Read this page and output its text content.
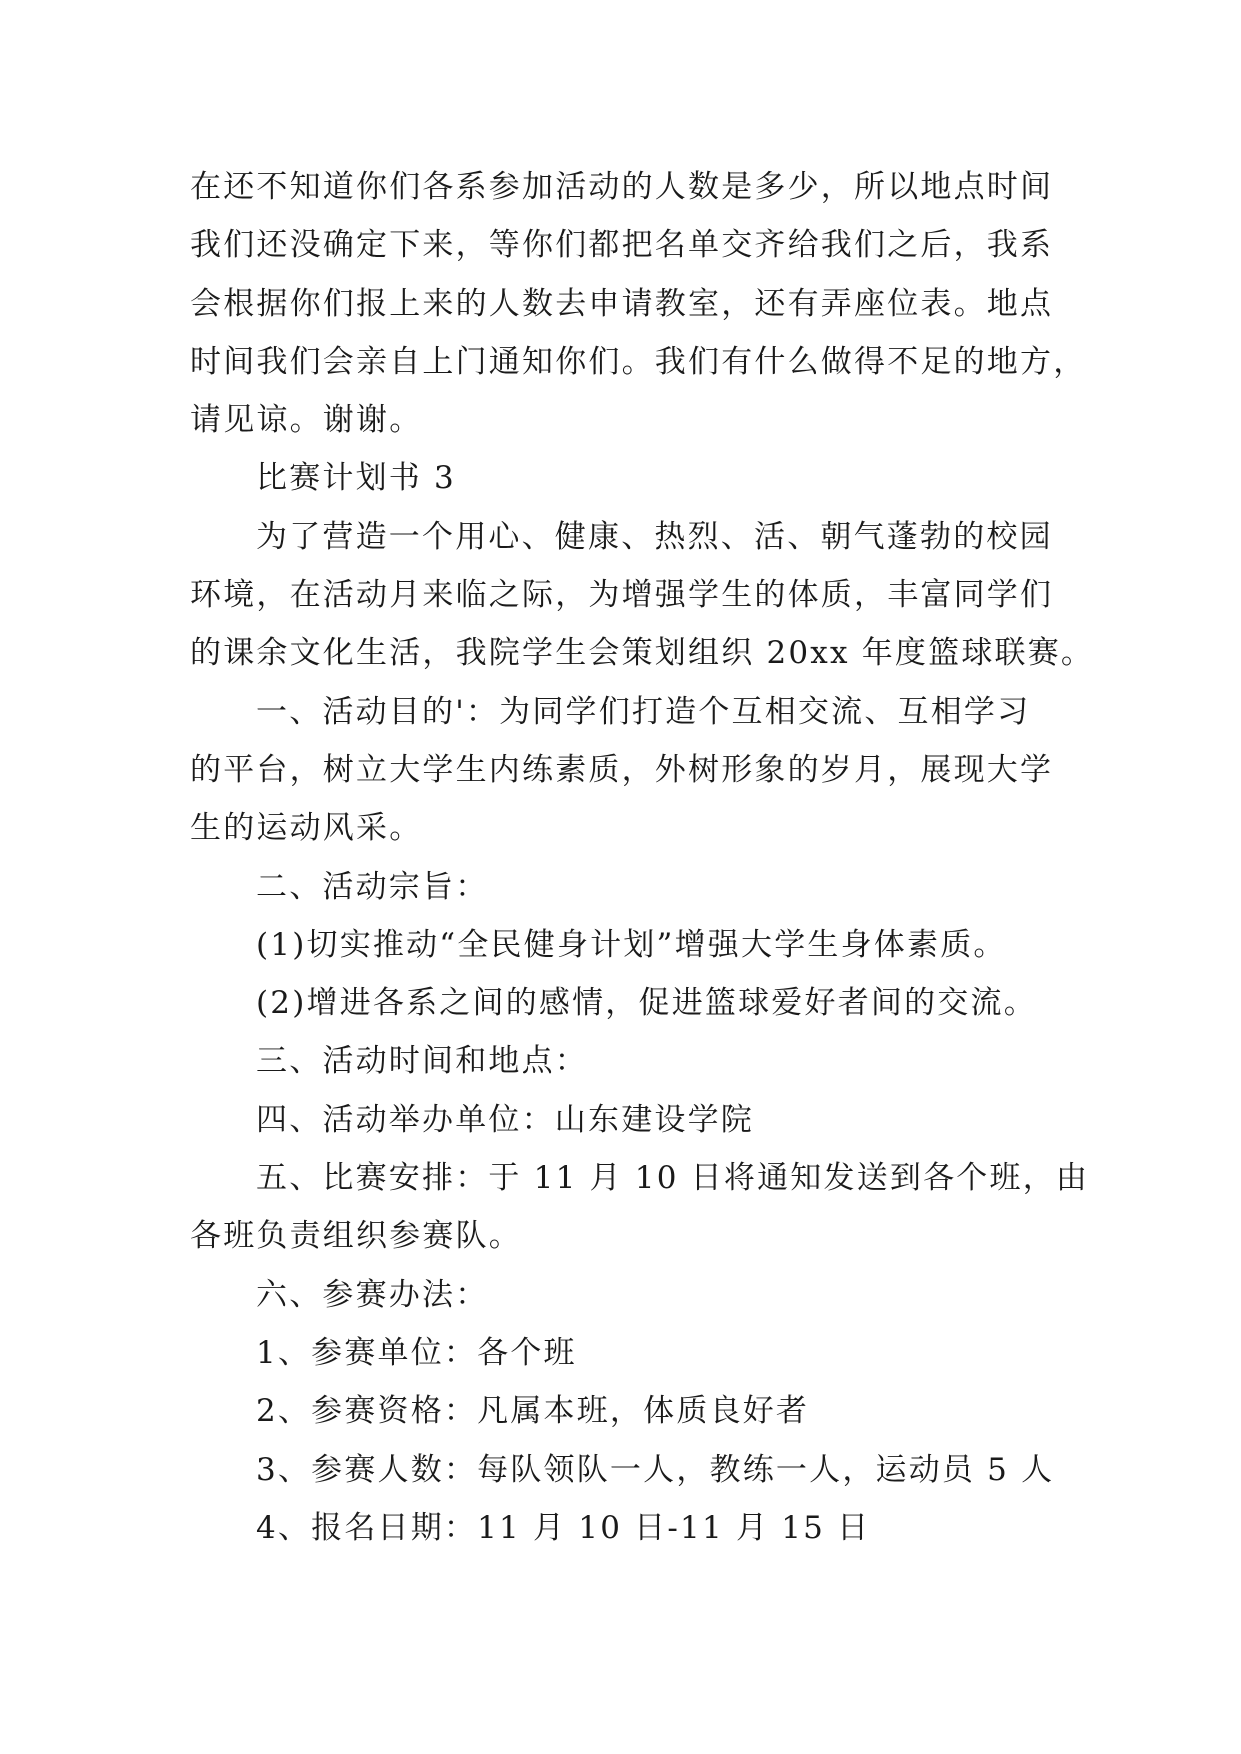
在还不知道你们各系参加活动的人数是多少，所以地点时间
我们还没确定下来，等你们都把名单交齐给我们之后，我系
会根据你们报上来的人数去申请教室，还有弄座位表。地点
时间我们会亲自上门通知你们。我们有什么做得不足的地方，
请见谅。谢谢。
比赛计划书 3
为了营造一个用心、健康、热烈、活、朝气蓬勃的校园
环境，在活动月来临之际，为增强学生的体质，丰富同学们
的课余文化生活，我院学生会策划组织 20xx 年度篮球联赛。
一、活动目的'：为同学们打造个互相交流、互相学习
的平台，树立大学生内练素质，外树形象的岁月，展现大学
生的运动风采。
二、活动宗旨：
(1)切实推动“全民健身计划”增强大学生身体素质。
(2)增进各系之间的感情，促进篮球爱好者间的交流。
三、活动时间和地点：
四、活动举办单位：山东建设学院
五、比赛安排：于 11 月 10 日将通知发送到各个班，由
各班负责组织参赛队。
六、参赛办法：
1、参赛单位：各个班
2、参赛资格：凡属本班，体质良好者
3、参赛人数：每队领队一人，教练一人，运动员 5 人
4、报名日期：11 月 10 日-11 月 15 日
